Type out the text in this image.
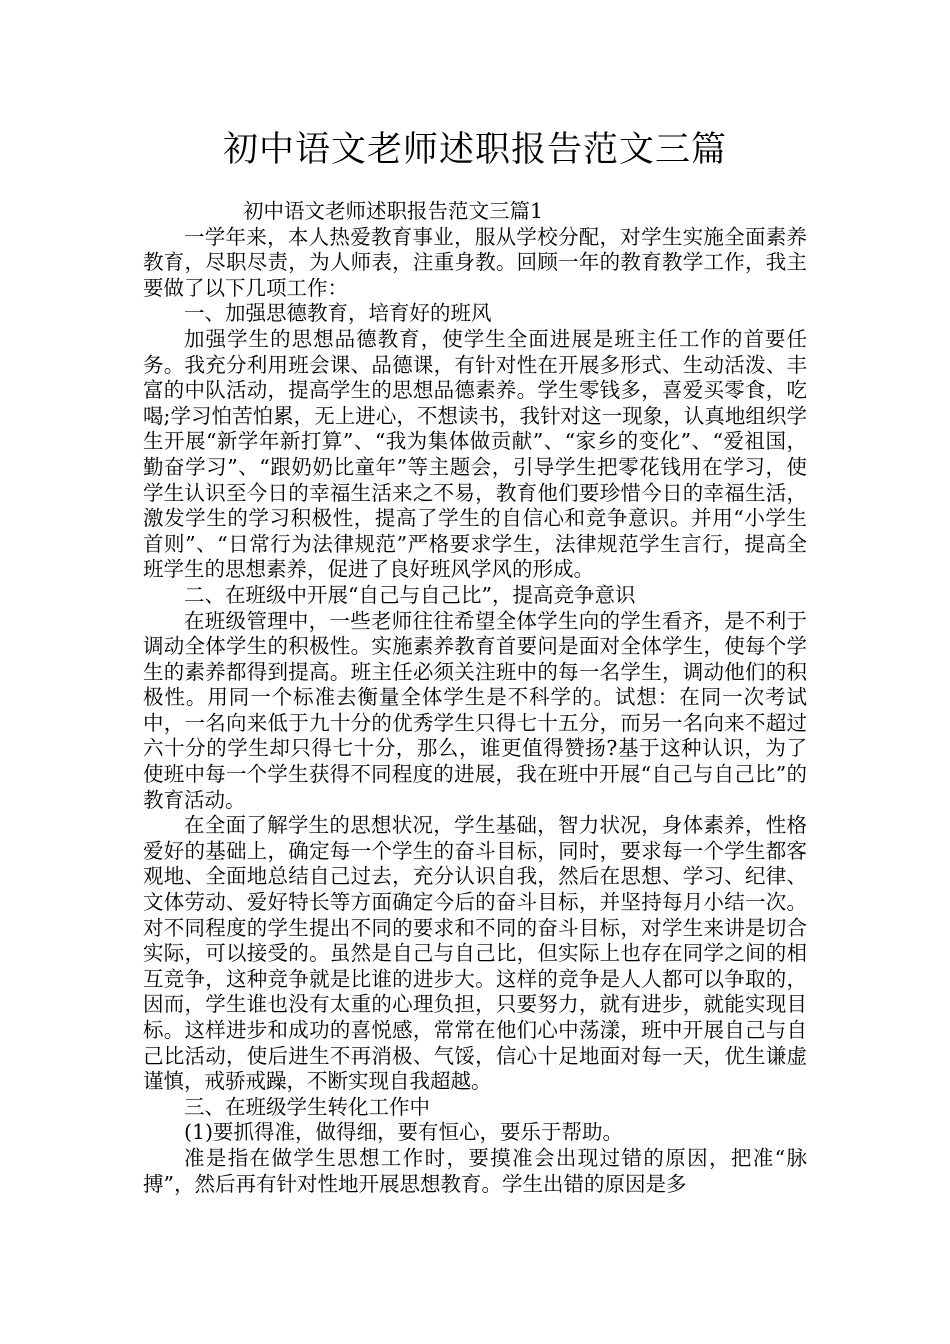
初中语文老师述职报告范文三篇

初中语文老师述职报告范文三篇1

一学年来，本人热爱教育事业，服从学校分配，对学生实施全面素养教育，尽职尽责，为人师表，注重身教。回顾一年的教育教学工作，我主要做了以下几项工作：

一、加强思德教育，培育好的班风

加强学生的思想品德教育，使学生全面进展是班主任工作的首要任务。我充分利用班会课、品德课，有针对性在开展多形式、生动活泼、丰富的中队活动，提高学生的思想品德素养。学生零钱多，喜爱买零食，吃喝;学习怕苦怕累，无上进心，不想读书，我针对这一现象，认真地组织学生开展“新学年新打算”、“我为集体做贡献”、“家乡的变化”、“爱祖国，勤奋学习”、“跟奶奶比童年”等主题会，引导学生把零花钱用在学习，使学生认识至今日的幸福生活来之不易，教育他们要珍惜今日的幸福生活，激发学生的学习积极性，提高了学生的自信心和竞争意识。并用“小学生首则”、“日常行为法律规范”严格要求学生，法律规范学生言行，提高全班学生的思想素养，促进了良好班风学风的形成。

二、在班级中开展“自己与自己比”，提高竞争意识

在班级管理中，一些老师往往希望全体学生向的学生看齐，是不利于调动全体学生的积极性。实施素养教育首要问是面对全体学生，使每个学生的素养都得到提高。班主任必须关注班中的每一名学生，调动他们的积极性。用同一个标准去衡量全体学生是不科学的。试想：在同一次考试中，一名向来低于九十分的优秀学生只得七十五分，而另一名向来不超过六十分的学生却只得七十分，那么，谁更值得赞扬?基于这种认识，为了使班中每一个学生获得不同程度的进展，我在班中开展“自己与自己比”的教育活动。

在全面了解学生的思想状况，学生基础，智力状况，身体素养，性格爱好的基础上，确定每一个学生的奋斗目标，同时，要求每一个学生都客观地、全面地总结自己过去，充分认识自我，然后在思想、学习、纪律、文体劳动、爱好特长等方面确定今后的奋斗目标，并坚持每月小结一次。对不同程度的学生提出不同的要求和不同的奋斗目标，对学生来讲是切合实际，可以接受的。虽然是自己与自己比，但实际上也存在同学之间的相互竞争，这种竞争就是比谁的进步大。这样的竞争是人人都可以争取的，因而，学生谁也没有太重的心理负担，只要努力，就有进步，就能实现目标。这样进步和成功的喜悦感，常常在他们心中荡漾，班中开展自己与自己比活动，使后进生不再消极、气馁，信心十足地面对每一天，优生谦虚谨慎，戒骄戒躁，不断实现自我超越。

三、在班级学生转化工作中

(1)要抓得准，做得细，要有恒心，要乐于帮助。

准是指在做学生思想工作时，要摸准会出现过错的原因，把准“脉搏”，然后再有针对性地开展思想教育。学生出错的原因是多
